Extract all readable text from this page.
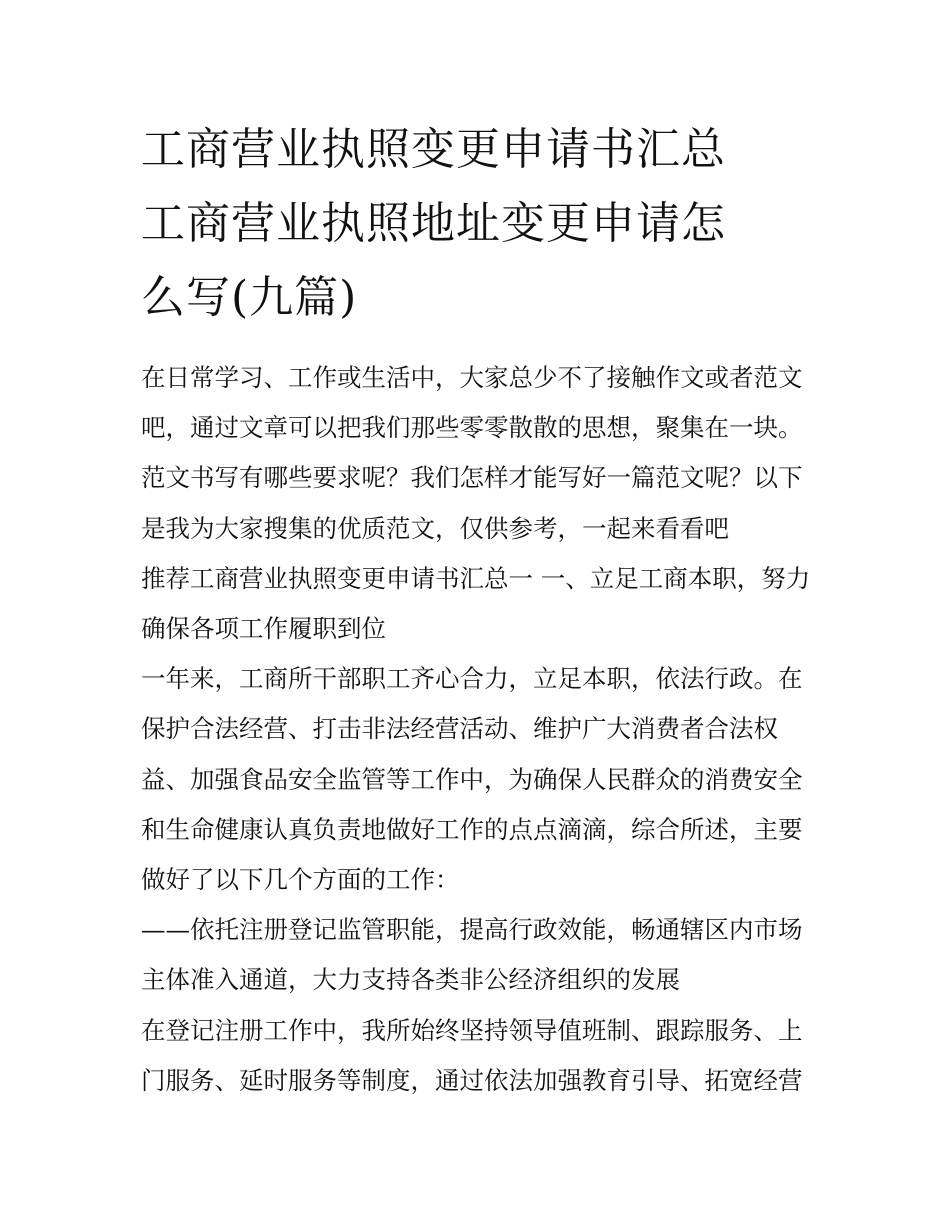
工商营业执照变更申请书汇总
工商营业执照地址变更申请怎
么写(九篇)

在日常学习、工作或生活中，大家总少不了接触作文或者范文吧，通过文章可以把我们那些零零散散的思想，聚集在一块。范文书写有哪些要求呢？我们怎样才能写好一篇范文呢？以下是我为大家搜集的优质范文，仅供参考，一起来看看吧

推荐工商营业执照变更申请书汇总一 一、立足工商本职，努力确保各项工作履职到位

一年来，工商所干部职工齐心合力，立足本职，依法行政。在保护合法经营、打击非法经营活动、维护广大消费者合法权益、加强食品安全监管等工作中，为确保人民群众的消费安全和生命健康认真负责地做好工作的点点滴滴，综合所述，主要做好了以下几个方面的工作：

——依托注册登记监管职能，提高行政效能，畅通辖区内市场主体准入通道，大力支持各类非公经济组织的发展

在登记注册工作中，我所始终坚持领导值班制、跟踪服务、上门服务、延时服务等制度，通过依法加强教育引导、拓宽经营
